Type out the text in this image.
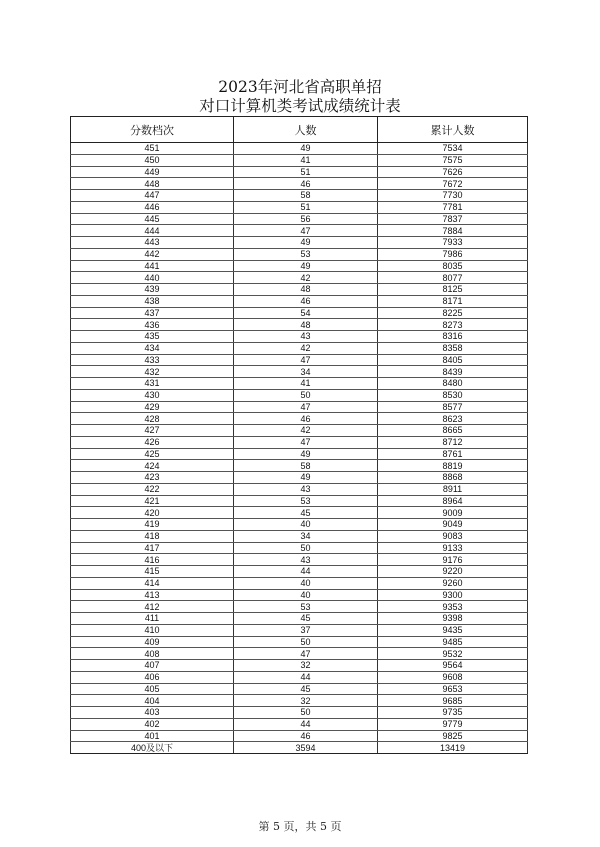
2023年河北省高职单招
对口计算机类考试成绩统计表
分数档次	人数	累计人数
451	49	7534
450	41	7575
449	51	7626
448	46	7672
447	58	7730
446	51	7781
445	56	7837
444	47	7884
443	49	7933
442	53	7986
441	49	8035
440	42	8077
439	48	8125
438	46	8171
437	54	8225
436	48	8273
435	43	8316
434	42	8358
433	47	8405
432	34	8439
431	41	8480
430	50	8530
429	47	8577
428	46	8623
427	42	8665
426	47	8712
425	49	8761
424	58	8819
423	49	8868
422	43	8911
421	53	8964
420	45	9009
419	40	9049
418	34	9083
417	50	9133
416	43	9176
415	44	9220
414	40	9260
413	40	9300
412	53	9353
411	45	9398
410	37	9435
409	50	9485
408	47	9532
407	32	9564
406	44	9608
405	45	9653
404	32	9685
403	50	9735
402	44	9779
401	46	9825
400及以下	3594	13419
第 5 页，共 5 页
